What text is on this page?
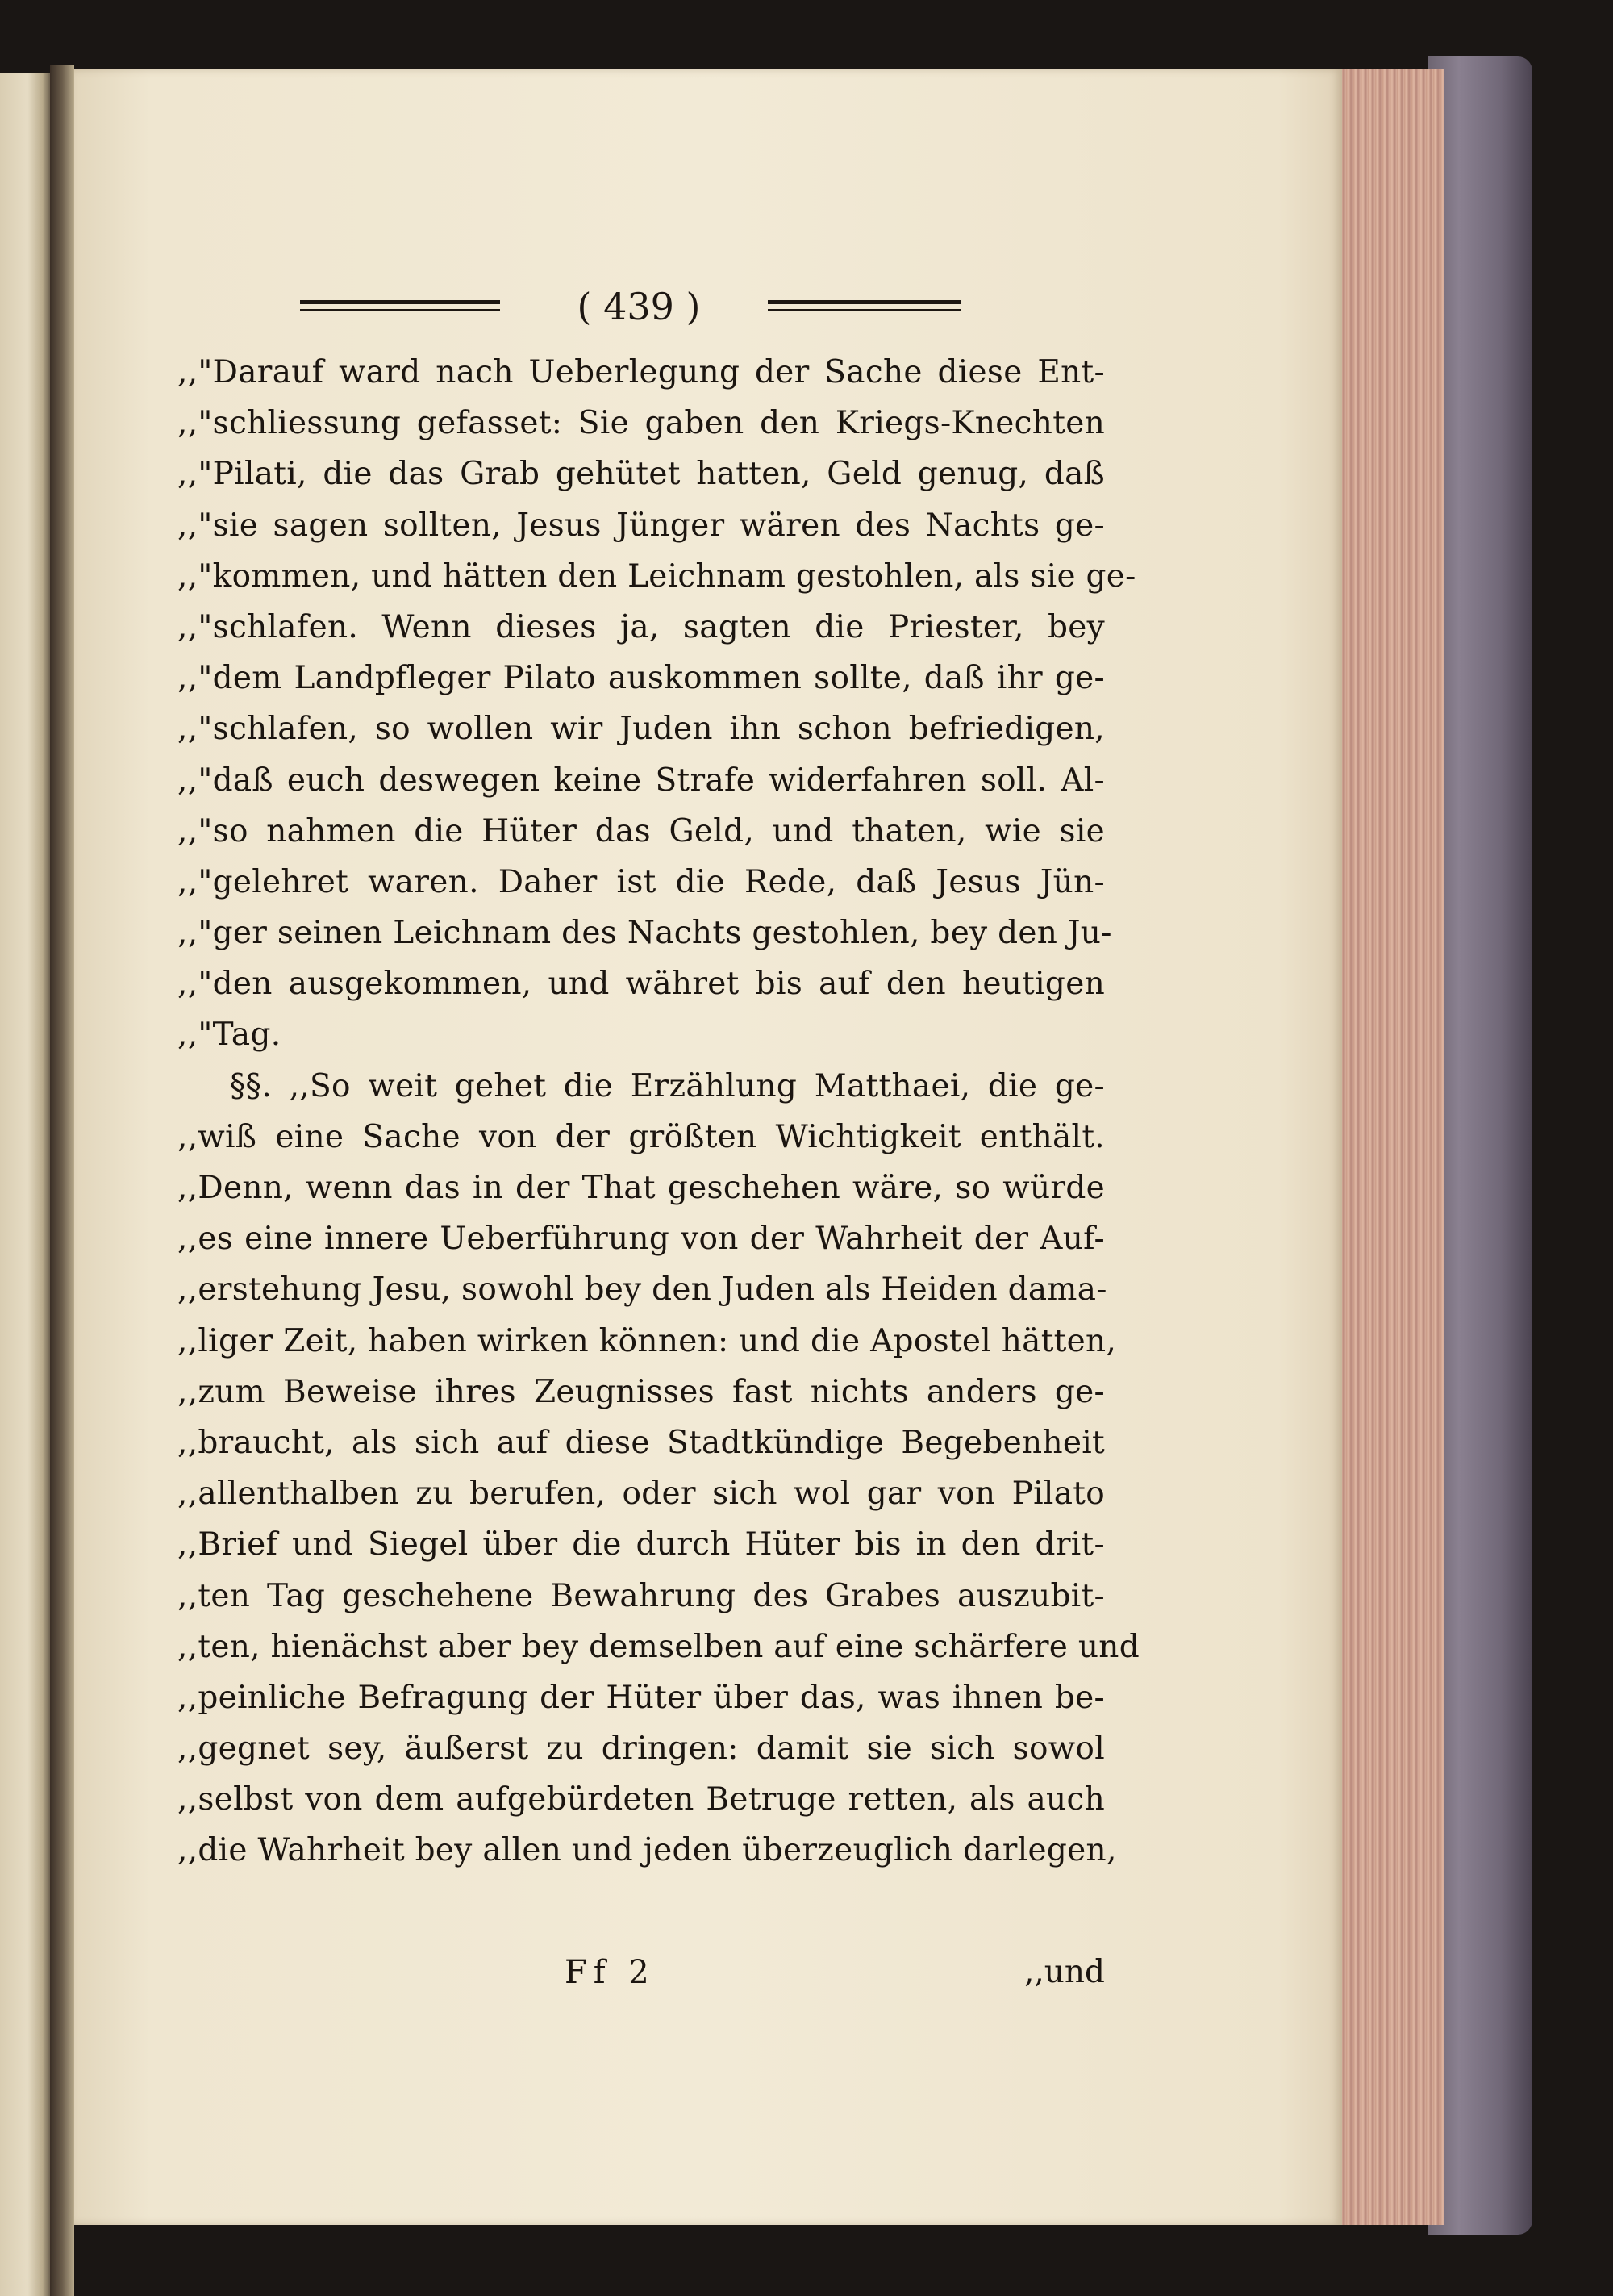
( 439 )
,,"Darauf ward nach Ueberlegung der Sache diese Ent-
,,"schliessung gefasset: Sie gaben den Kriegs-Knechten
,,"Pilati, die das Grab gehütet hatten, Geld genug, daß
,,"sie sagen sollten, Jesus Jünger wären des Nachts ge-
,,"kommen, und hätten den Leichnam gestohlen, als sie ge-
,,"schlafen. Wenn dieses ja, sagten die Priester, bey
,,"dem Landpfleger Pilato auskommen sollte, daß ihr ge-
,,"schlafen, so wollen wir Juden ihn schon befriedigen,
,,"daß euch deswegen keine Strafe widerfahren soll. Al-
,,"so nahmen die Hüter das Geld, und thaten, wie sie
,,"gelehret waren. Daher ist die Rede, daß Jesus Jün-
,,"ger seinen Leichnam des Nachts gestohlen, bey den Ju-
,,"den ausgekommen, und währet bis auf den heutigen
,,"Tag.
§§. ,,So weit gehet die Erzählung Matthaei, die ge-
,,wiß eine Sache von der größten Wichtigkeit enthält.
,,Denn, wenn das in der That geschehen wäre, so würde
,,es eine innere Ueberführung von der Wahrheit der Auf-
,,erstehung Jesu, sowohl bey den Juden als Heiden dama-
,,liger Zeit, haben wirken können: und die Apostel hätten,
,,zum Beweise ihres Zeugnisses fast nichts anders ge-
,,braucht, als sich auf diese Stadtkündige Begebenheit
,,allenthalben zu berufen, oder sich wol gar von Pilato
,,Brief und Siegel über die durch Hüter bis in den drit-
,,ten Tag geschehene Bewahrung des Grabes auszubit-
,,ten, hienächst aber bey demselben auf eine schärfere und
,,peinliche Befragung der Hüter über das, was ihnen be-
,,gegnet sey, äußerst zu dringen: damit sie sich sowol
,,selbst von dem aufgebürdeten Betruge retten, als auch
,,die Wahrheit bey allen und jeden überzeuglich darlegen,
Ff 2	,,und
